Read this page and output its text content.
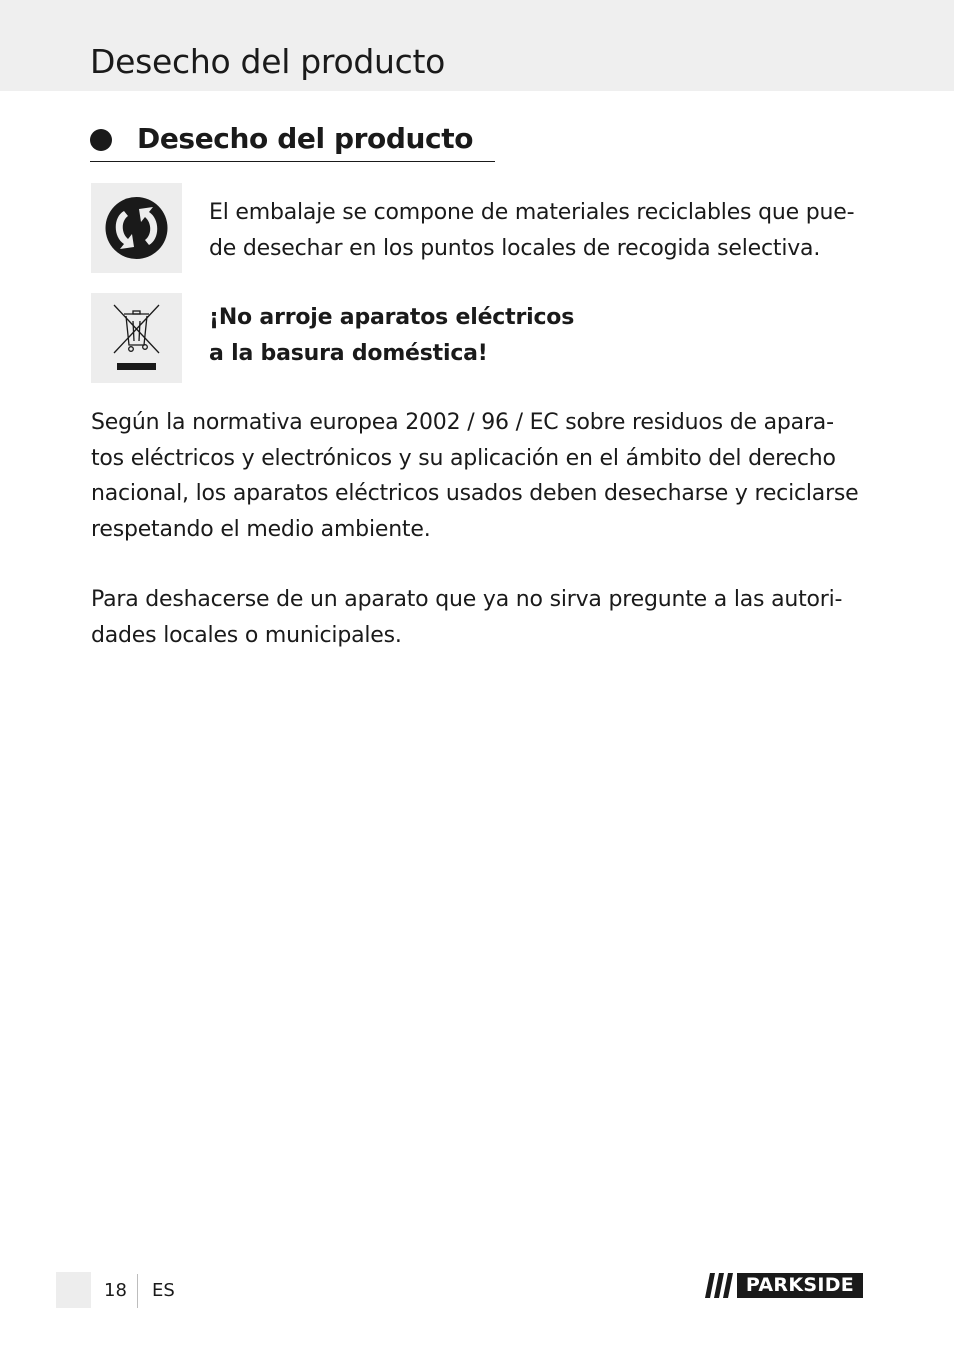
Desecho del producto
Desecho del producto

El embalaje se compone de materiales reciclables que pue-
de desechar en los puntos locales de recogida selectiva.

¡No arroje aparatos eléctricos
a la basura doméstica!

Según la normativa europea 2002 / 96 / EC sobre residuos de apara-
tos eléctricos y electrónicos y su aplicación en el ámbito del derecho
nacional, los aparatos eléctricos usados deben desecharse y reciclarse
respetando el medio ambiente.

Para deshacerse de un aparato que ya no sirva pregunte a las autori-
dades locales o municipales.

18 ES	PARKSIDE
